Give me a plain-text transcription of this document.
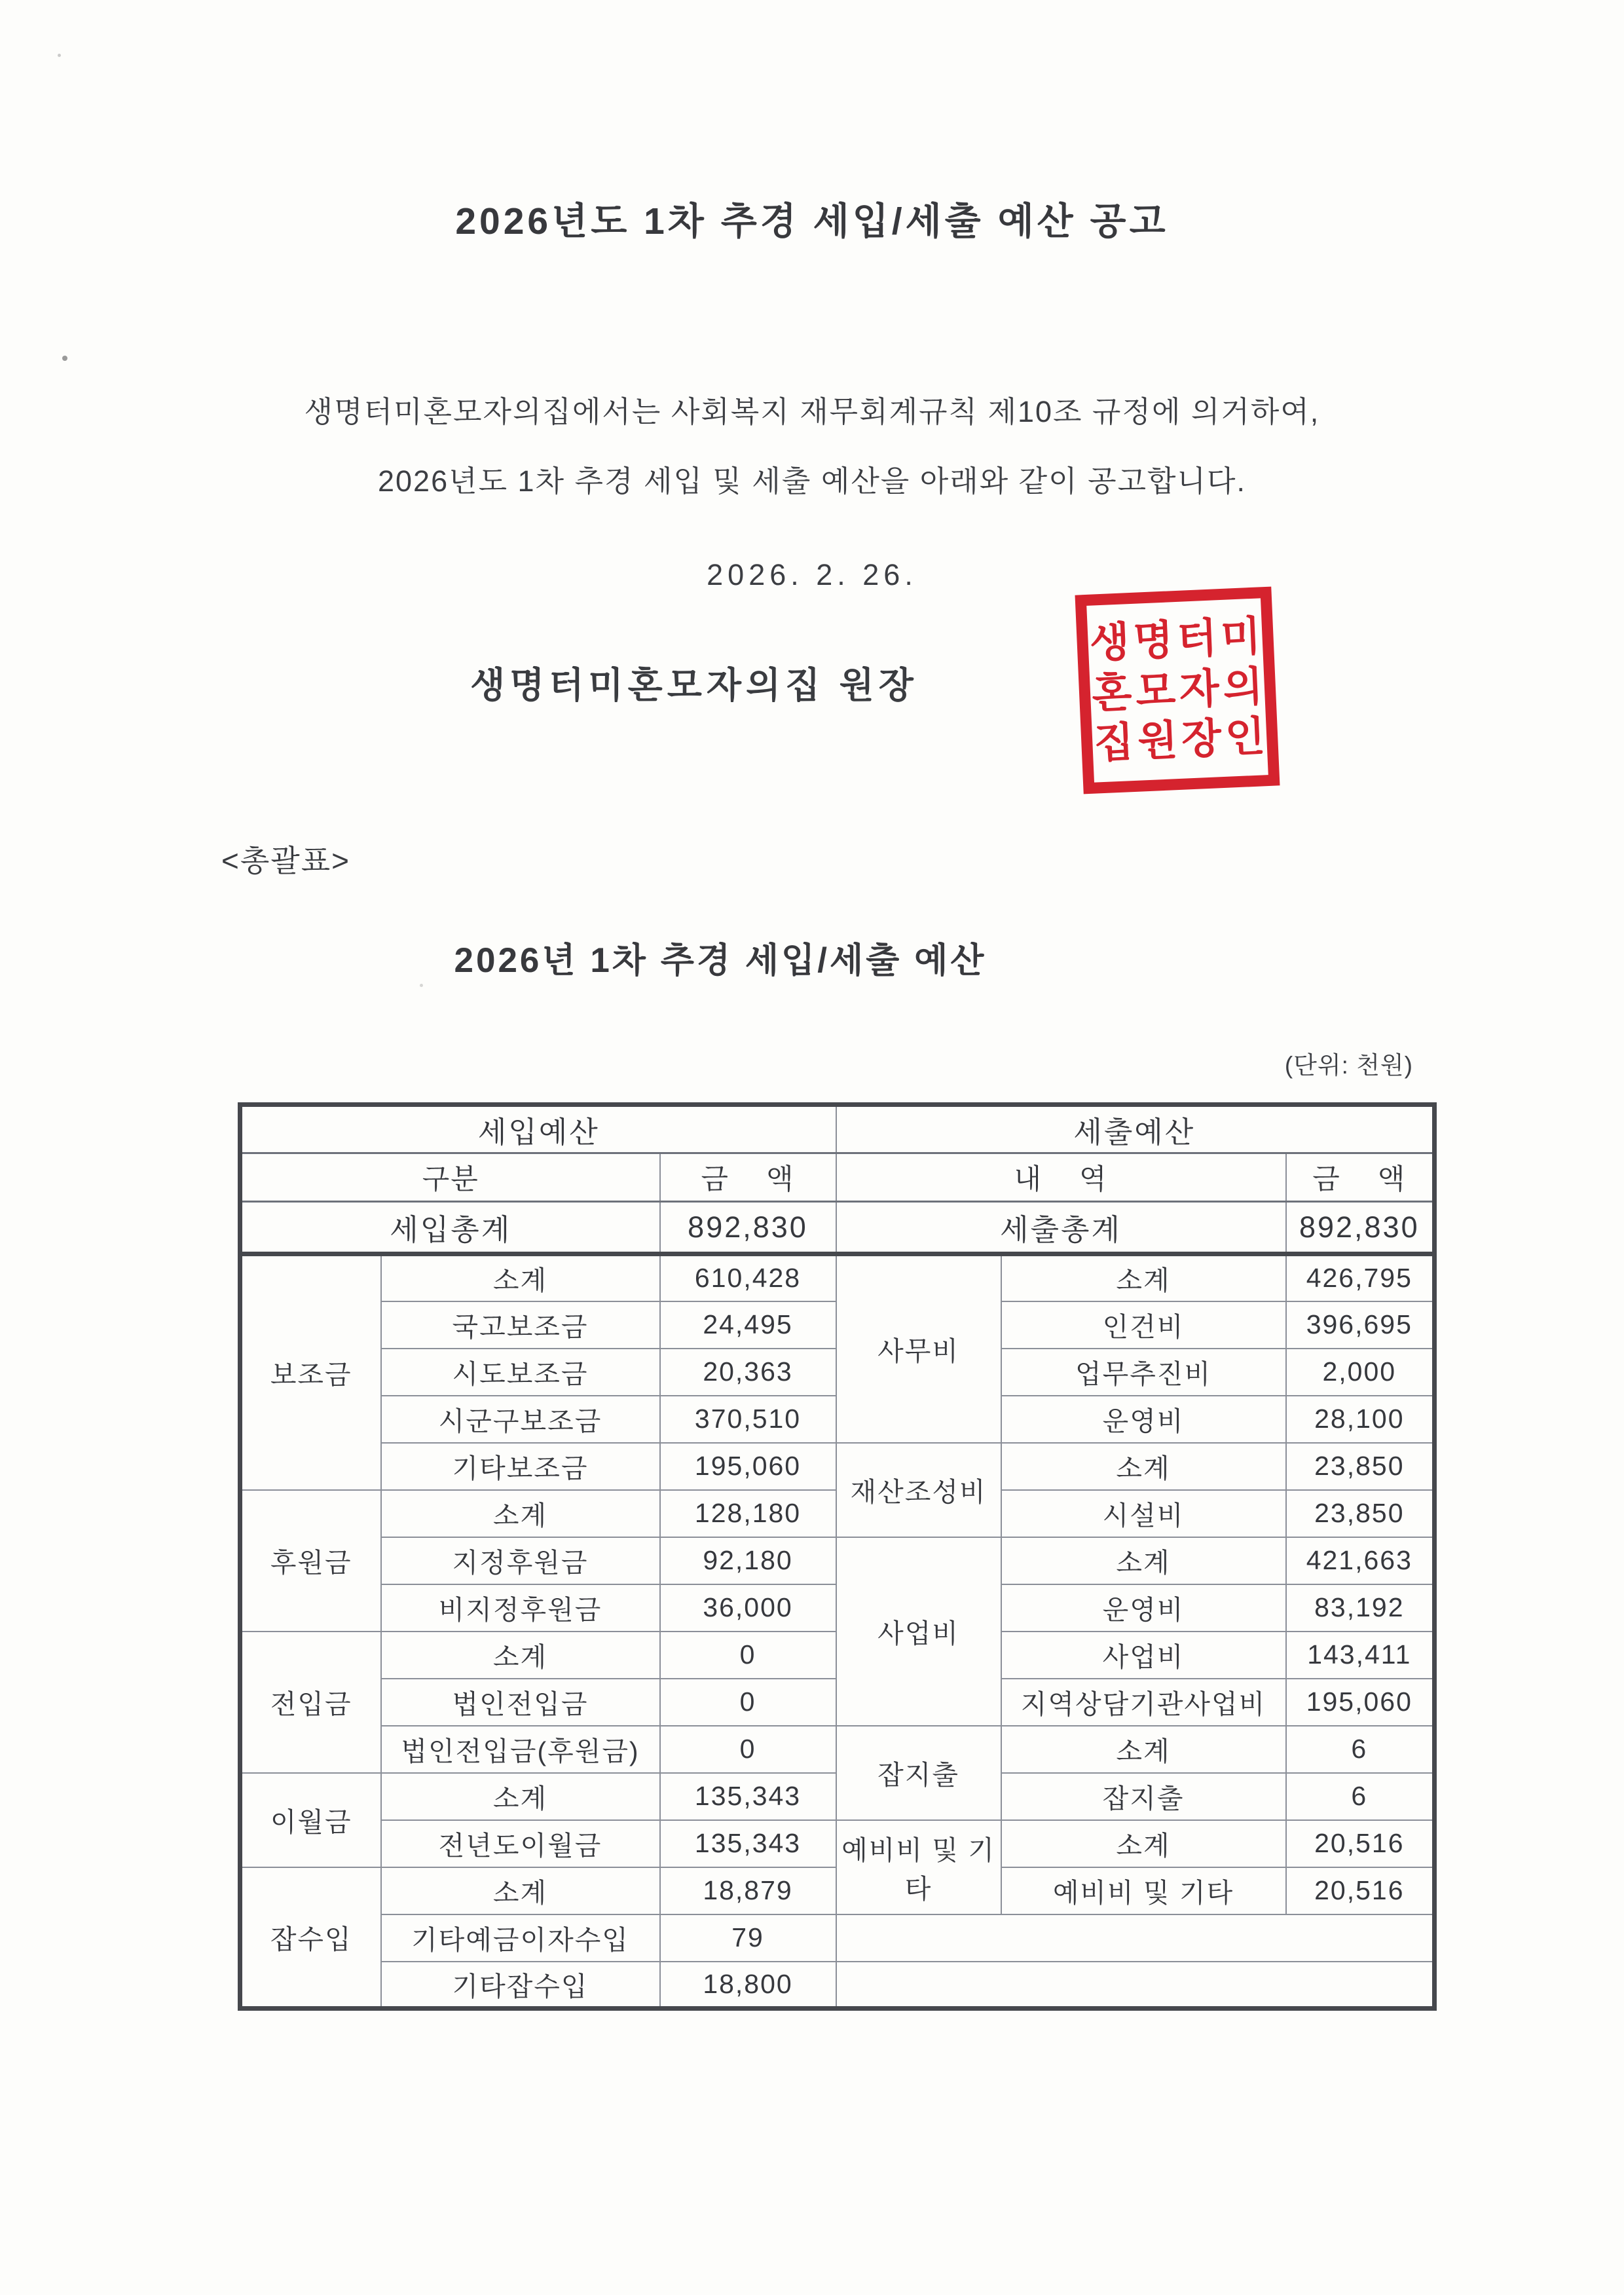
2026년도 1차 추경 세입/세출 예산 공고
생명터미혼모자의집에서는 사회복지 재무회계규칙 제10조 규정에 의거하여,
2026년도 1차 추경 세입 및 세출 예산을 아래와 같이 공고합니다.
2026. 2. 26.
생명터미혼모자의집 원장
생명터미
혼모자의
집원장인
<총괄표>
2026년 1차 추경 세입/세출 예산
(단위: 천원)
세입예산			세출예산		
구분		금 액	내 역		금 액
세입총계		892,830	세출총계		892,830
보조금	소계	610,428	사무비	소계	426,795
	국고보조금	24,495		인건비	396,695
	시도보조금	20,363		업무추진비	2,000
	시군구보조금	370,510		운영비	28,100
	기타보조금	195,060	재산조성비	소계	23,850
후원금	소계	128,180		시설비	23,850
	지정후원금	92,180	사업비	소계	421,663
	비지정후원금	36,000		운영비	83,192
전입금	소계	0		사업비	143,411
	법인전입금	0		지역상담기관사업비	195,060
	법인전입금(후원금)	0	잡지출	소계	6
이월금	소계	135,343		잡지출	6
	전년도이월금	135,343	예비비 및 기타	소계	20,516
잡수입	소계	18,879		예비비 및 기타	20,516
	기타예금이자수입	79			
	기타잡수입	18,800			
